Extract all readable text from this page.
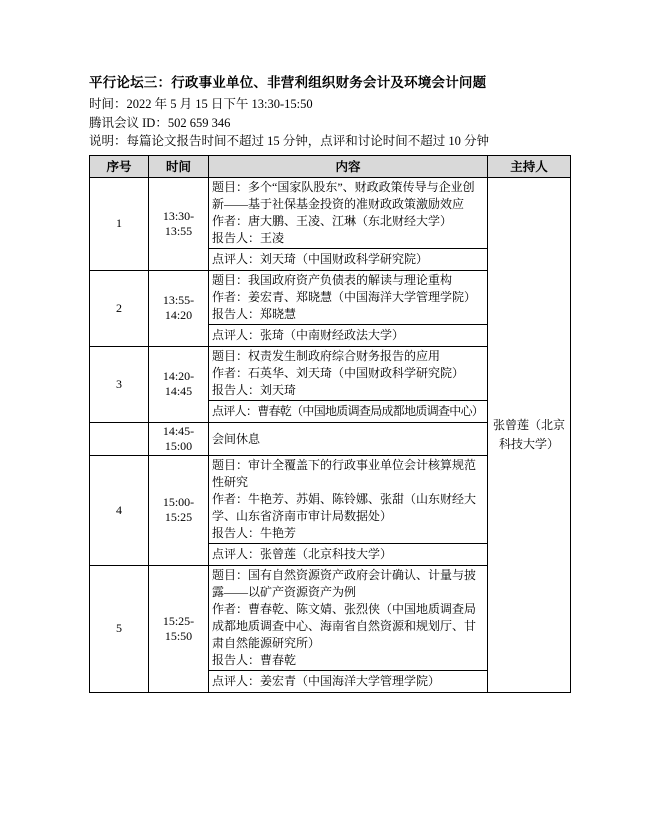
平行论坛三：行政事业单位、非营利组织财务会计及环境会计问题
时间：2022 年 5 月 15 日下午 13:30-15:50
腾讯会议 ID：502 659 346
说明：每篇论文报告时间不超过 15 分钟，点评和讨论时间不超过 10 分钟
序号	时间	内容	主持人
1	13:30-13:55	题目：多个“国家队股东”、财政政策传导与企业创新——基于社保基金投资的准财政政策激励效应
作者：唐大鹏、王凌、江琳（东北财经大学）
报告人：王凌	张曾莲（北京科技大学）

		点评人：刘天琦（中国财政科学研究院）	

2	13:55-14:20	题目：我国政府资产负债表的解读与理论重构
作者：姜宏青、郑晓慧（中国海洋大学管理学院）
报告人：郑晓慧	

		点评人：张琦（中南财经政法大学）	

3	14:20-14:45	题目：权责发生制政府综合财务报告的应用
作者：石英华、刘天琦（中国财政科学研究院）
报告人：刘天琦	

		点评人：曹春乾（中国地质调查局成都地质调查中心）	

	14:45-15:00	会间休息	
4	15:00-15:25	题目：审计全覆盖下的行政事业单位会计核算规范性研究
作者：牛艳芳、苏娟、陈铃娜、张甜（山东财经大学、山东省济南市审计局数据处）
报告人：牛艳芳	

		点评人：张曾莲（北京科技大学）	

5	15:25-15:50	题目：国有自然资源资产政府会计确认、计量与披露——以矿产资源资产为例
作者：曹春乾、陈文婧、张烈侠（中国地质调查局成都地质调查中心、海南省自然资源和规划厅、甘肃自然能源研究所）
报告人：曹春乾	

		点评人：姜宏青（中国海洋大学管理学院）	
